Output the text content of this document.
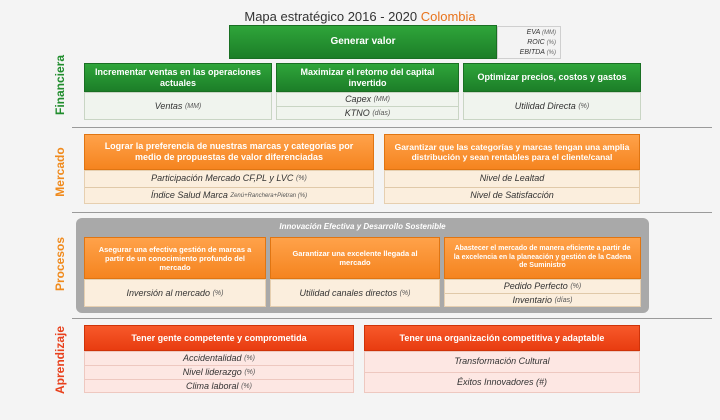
Mapa estratégico 2016 - 2020 Colombia
Financiera
Mercado
Procesos
Aprendizaje
Generar valor
EVA (MM)
ROIC (%)
EBITDA (%)
Incrementar ventas en las operaciones actuales
Ventas
(MM)
Maximizar el retorno del capital invertido
Capex
(MM)
KTNO
(días)
Optimizar precios, costos y gastos
Utilidad Directa
(%)
Lograr la preferencia de nuestras marcas y categorías por medio de propuestas de valor diferenciadas
Participación Mercado CF,PL y LVC
(%)
Índice Salud Marca
Zenú+Ranchera+Pietran (%)
Garantizar que las categorías y marcas tengan una amplia distribución y sean rentables para el cliente/canal
Nivel de Lealtad
Nivel de Satisfacción
Innovación Efectiva y Desarrollo Sostenible
Asegurar una efectiva gestión de marcas a partir de un conocimiento profundo del mercado
Inversión al mercado
(%)
Garantizar una excelente llegada al mercado
Utilidad canales directos
(%)
Abastecer el mercado de manera eficiente a partir de la excelencia en la planeación y gestión de la Cadena de Suministro
Pedido Perfecto
(%)
Inventario
(días)
Tener gente competente y comprometida
Accidentalidad
(%)
Nivel liderazgo
(%)
Clima laboral
(%)
Tener una organización competitiva y adaptable
Transformación Cultural
Éxitos Innovadores (#)
